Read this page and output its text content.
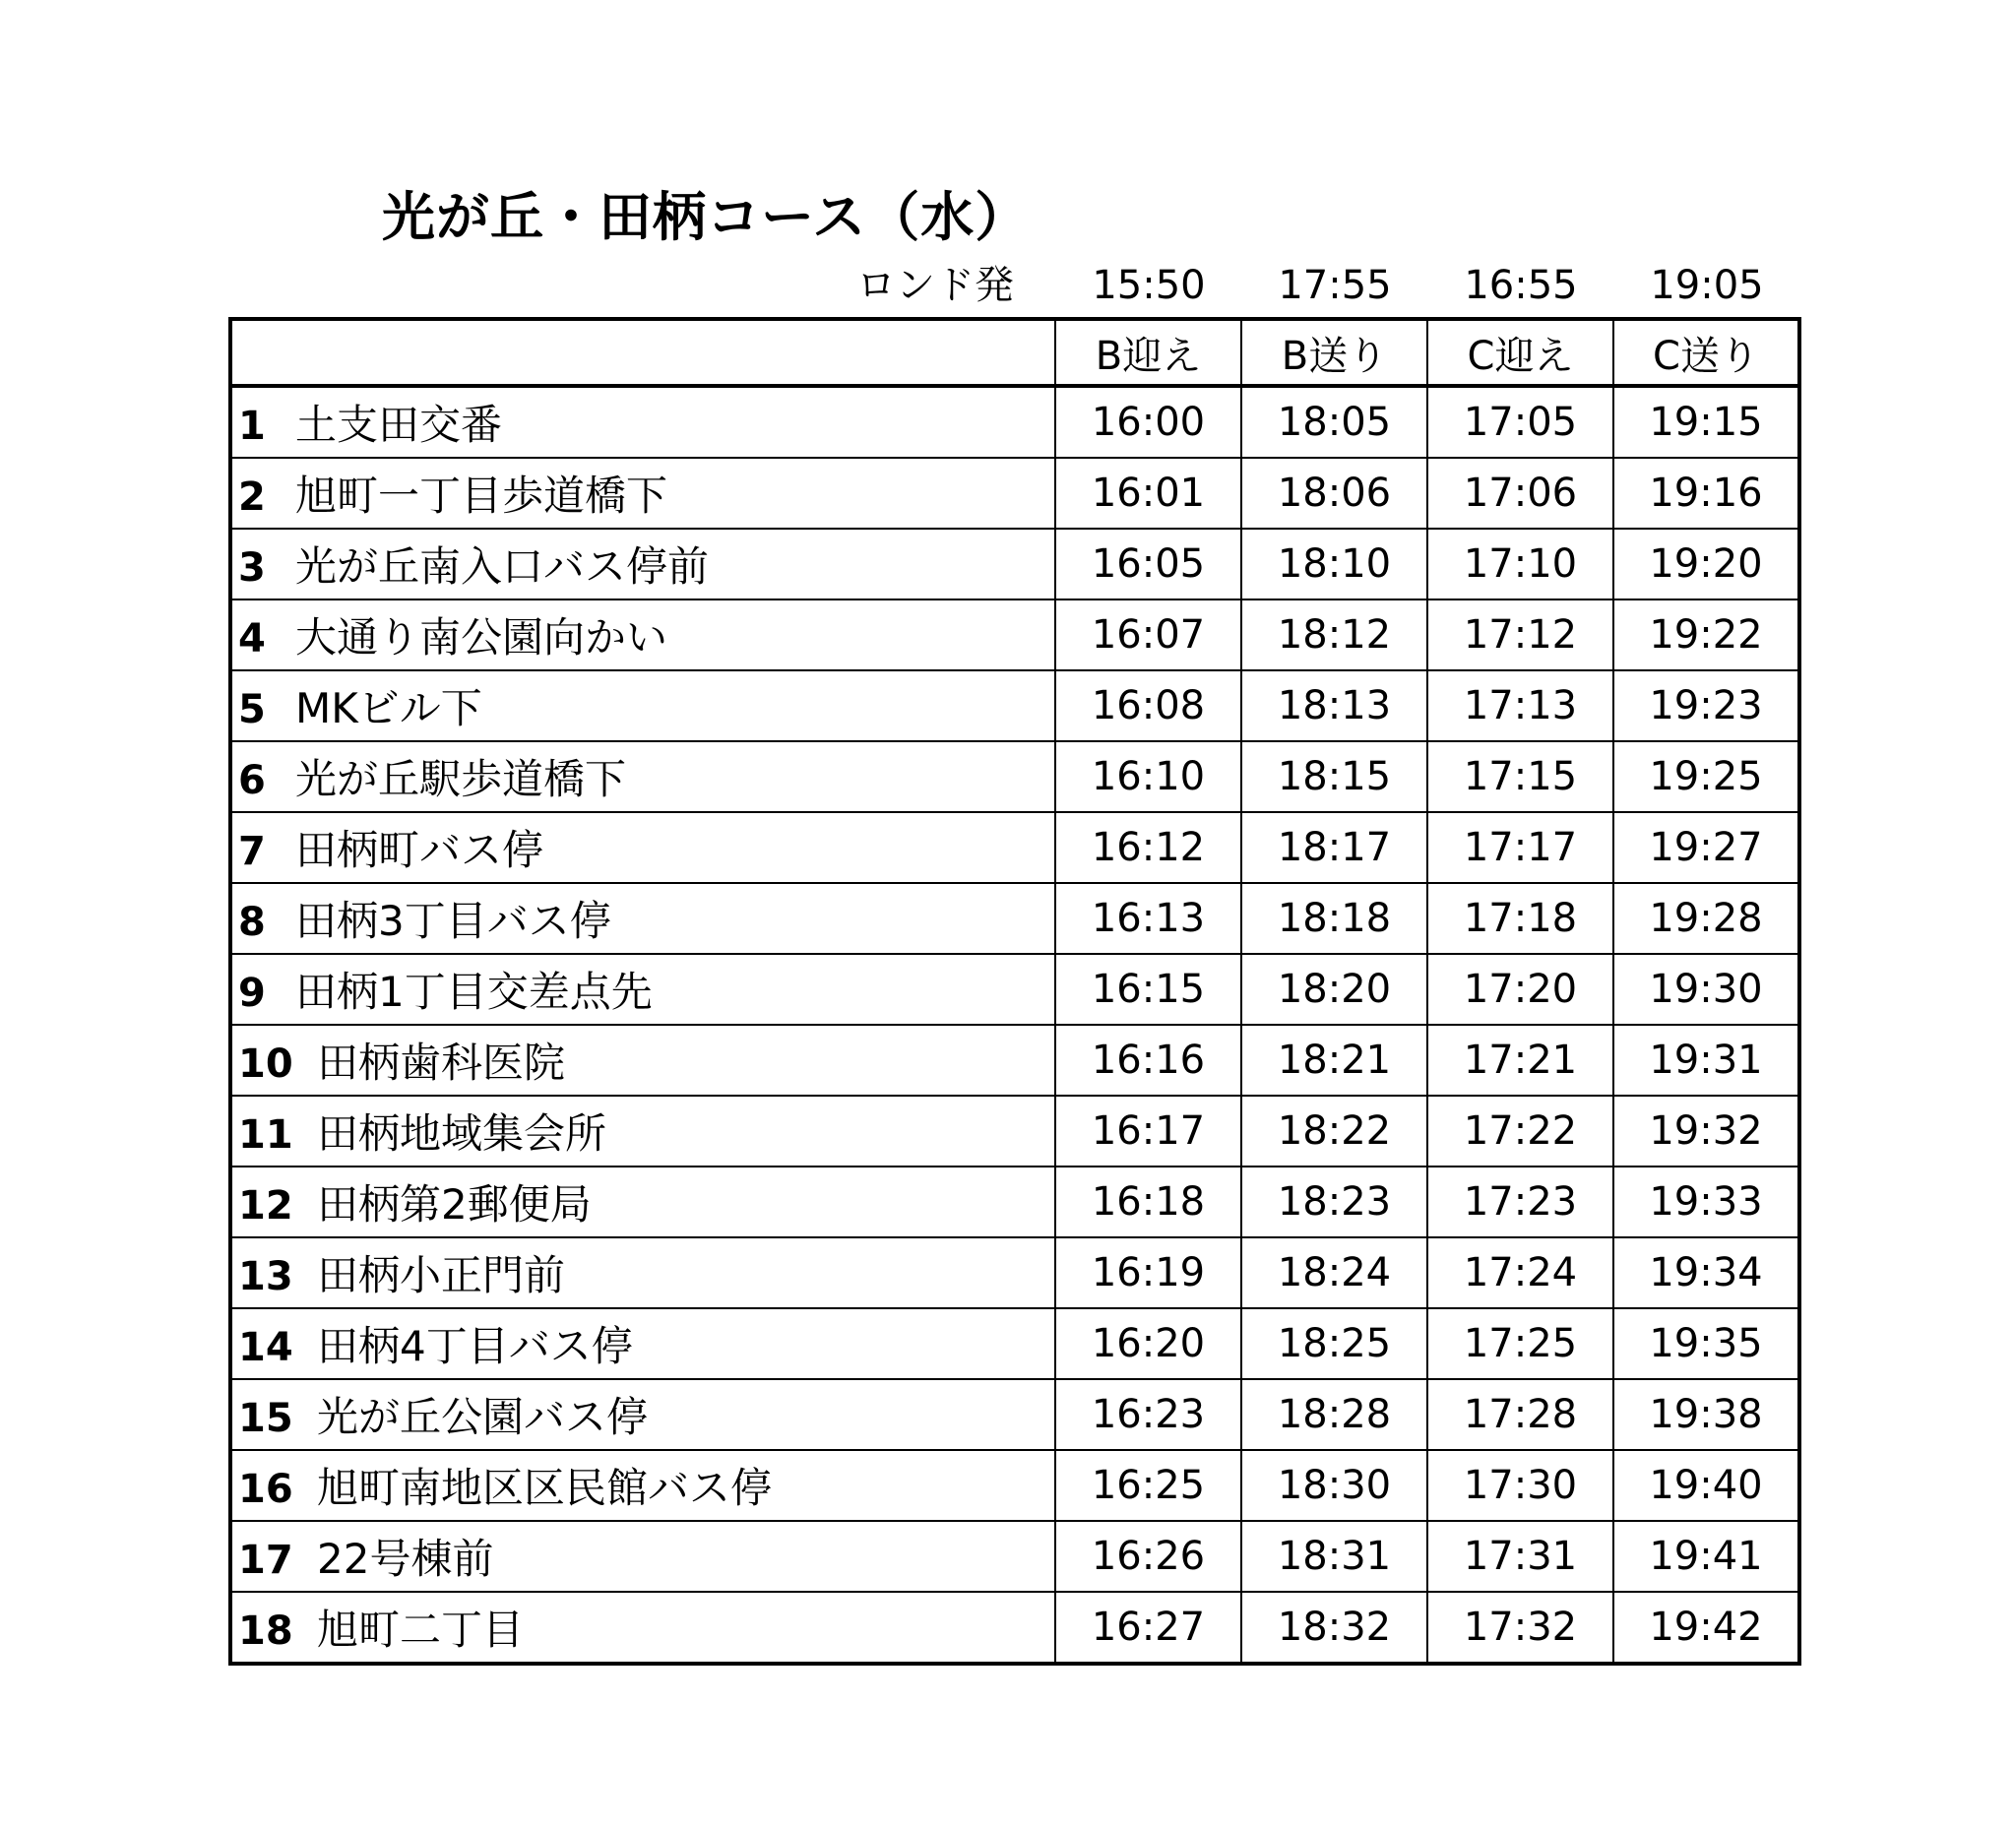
光が丘・田柄コース（水）
ロンド発	15:50	17:55	16:55	19:05
	B迎え	B送り	C迎え	C送り
1 土支田交番	16:00	18:05	17:05	19:15
2 旭町一丁目歩道橋下	16:01	18:06	17:06	19:16
3 光が丘南入口バス停前	16:05	18:10	17:10	19:20
4 大通り南公園向かい	16:07	18:12	17:12	19:22
5 MKビル下	16:08	18:13	17:13	19:23
6 光が丘駅歩道橋下	16:10	18:15	17:15	19:25
7 田柄町バス停	16:12	18:17	17:17	19:27
8 田柄3丁目バス停	16:13	18:18	17:18	19:28
9 田柄1丁目交差点先	16:15	18:20	17:20	19:30
10 田柄歯科医院	16:16	18:21	17:21	19:31
11 田柄地域集会所	16:17	18:22	17:22	19:32
12 田柄第2郵便局	16:18	18:23	17:23	19:33
13 田柄小正門前	16:19	18:24	17:24	19:34
14 田柄4丁目バス停	16:20	18:25	17:25	19:35
15 光が丘公園バス停	16:23	18:28	17:28	19:38
16 旭町南地区区民館バス停	16:25	18:30	17:30	19:40
17 22号棟前	16:26	18:31	17:31	19:41
18 旭町二丁目	16:27	18:32	17:32	19:42
